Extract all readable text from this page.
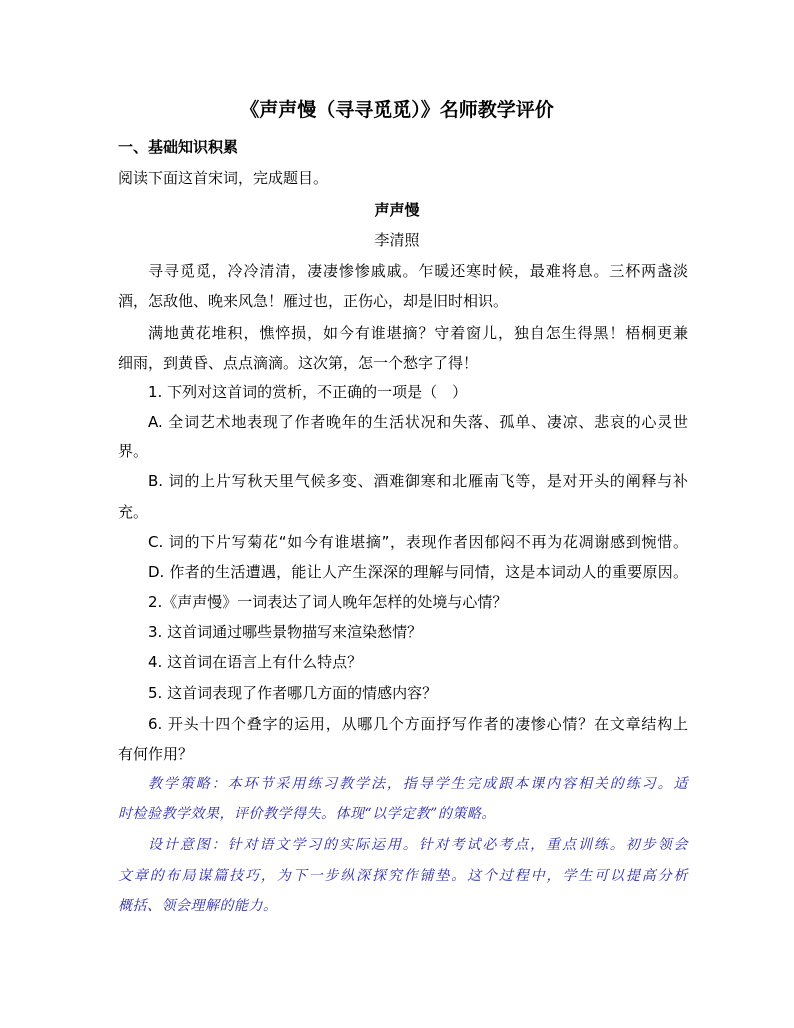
《声声慢（寻寻觅觅）》名师教学评价
一、基础知识积累
阅读下面这首宋词，完成题目。
声声慢
李清照
寻寻觅觅，冷冷清清，凄凄惨惨戚戚。乍暖还寒时候，最难将息。三杯两盏淡
酒，怎敌他、晚来风急！雁过也，正伤心，却是旧时相识。
满地黄花堆积，憔悴损，如今有谁堪摘？守着窗儿，独自怎生得黑！梧桐更兼
细雨，到黄昏、点点滴滴。这次第，怎一个愁字了得！
1. 下列对这首词的赏析，不正确的一项是（　）
A. 全词艺术地表现了作者晚年的生活状况和失落、孤单、凄凉、悲哀的心灵世
界。
B. 词的上片写秋天里气候多变、酒难御寒和北雁南飞等，是对开头的阐释与补
充。
C. 词的下片写菊花“如今有谁堪摘”，表现作者因郁闷不再为花凋谢感到惋惜。
D. 作者的生活遭遇，能让人产生深深的理解与同情，这是本词动人的重要原因。
2.《声声慢》一词表达了词人晚年怎样的处境与心情？
3. 这首词通过哪些景物描写来渲染愁情？
4. 这首词在语言上有什么特点？
5. 这首词表现了作者哪几方面的情感内容？
6. 开头十四个叠字的运用，从哪几个方面抒写作者的凄惨心情？在文章结构上
有何作用？
教学策略：本环节采用练习教学法，指导学生完成跟本课内容相关的练习。适
时检验教学效果，评价教学得失。体现“以学定教”的策略。
设计意图：针对语文学习的实际运用。针对考试必考点，重点训练。初步领会
文章的布局谋篇技巧，为下一步纵深探究作铺垫。这个过程中，学生可以提高分析
概括、领会理解的能力。
